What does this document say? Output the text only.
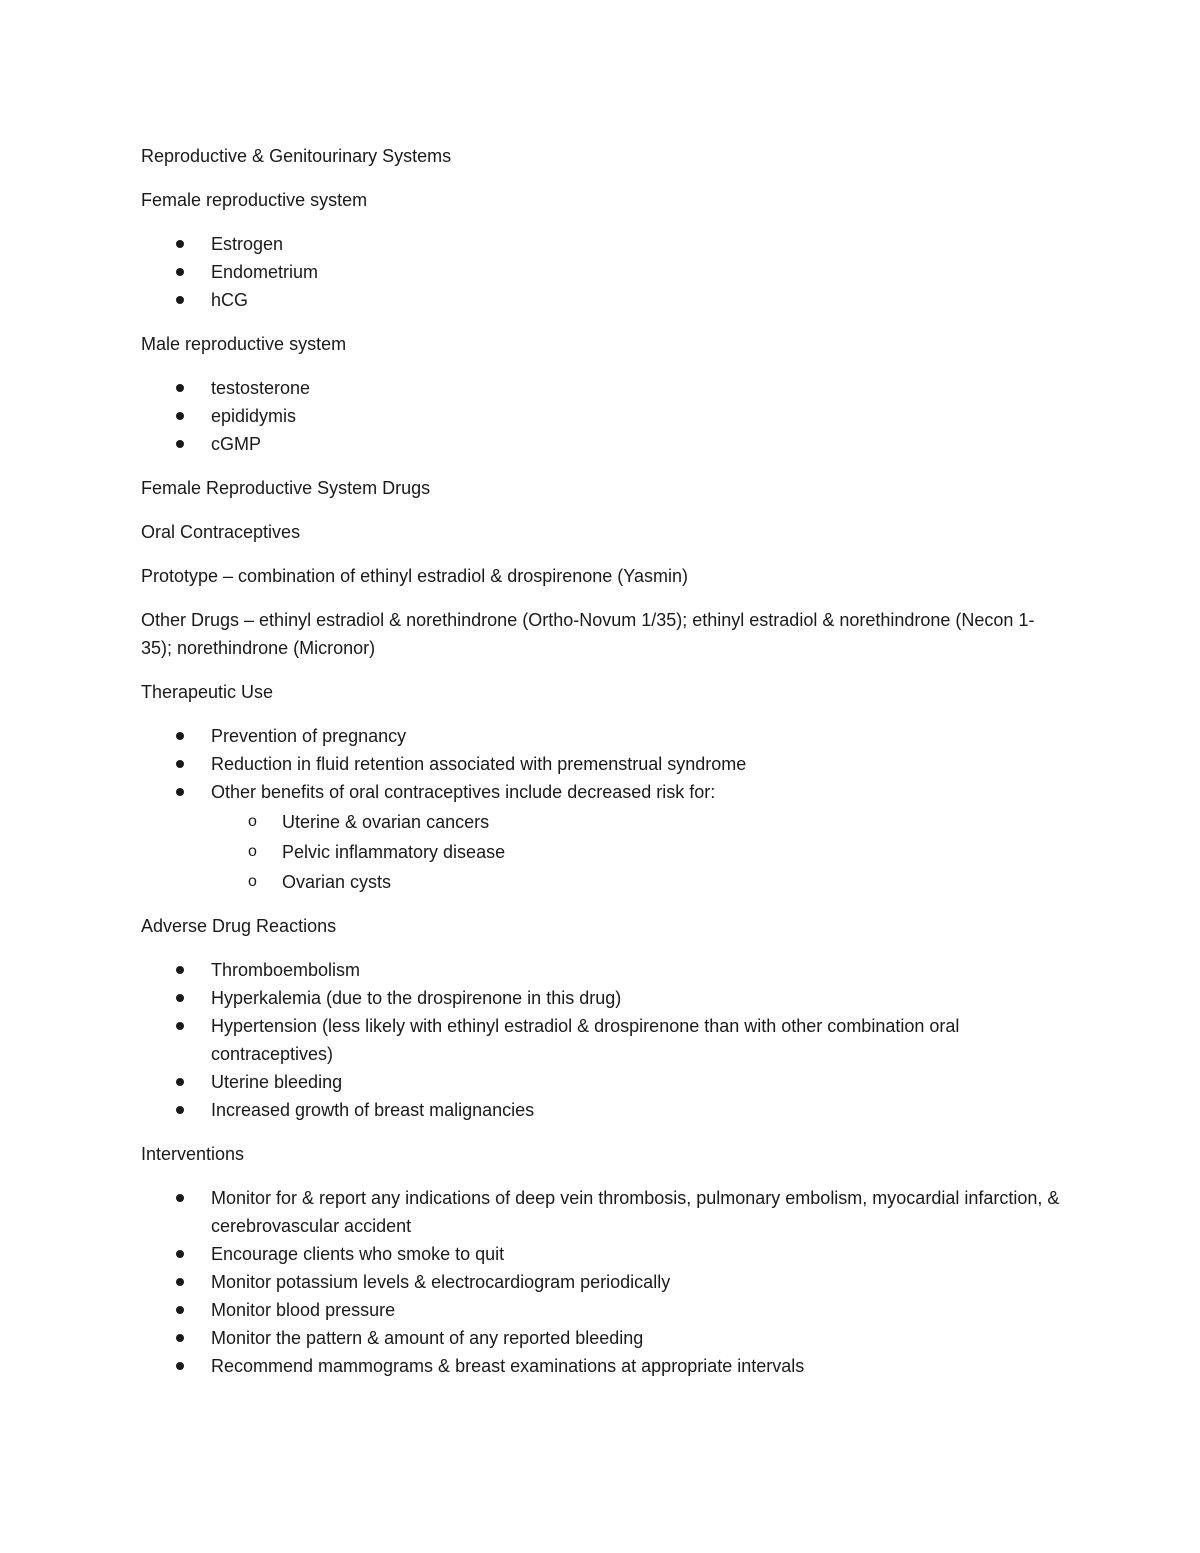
Reproductive & Genitourinary Systems

Female reproductive system

Estrogen
Endometrium
hCG

Male reproductive system

testosterone
epididymis
cGMP

Female Reproductive System Drugs

Oral Contraceptives

Prototype – combination of ethinyl estradiol & drospirenone (Yasmin)

Other Drugs – ethinyl estradiol & norethindrone (Ortho-Novum 1/35); ethinyl estradiol & norethindrone (Necon 1-35); norethindrone (Micronor)

Therapeutic Use

Prevention of pregnancy
Reduction in fluid retention associated with premenstrual syndrome
Other benefits of oral contraceptives include decreased risk for:
o Uterine & ovarian cancers
o Pelvic inflammatory disease
o Ovarian cysts

Adverse Drug Reactions

Thromboembolism
Hyperkalemia (due to the drospirenone in this drug)
Hypertension (less likely with ethinyl estradiol & drospirenone than with other combination oral contraceptives)
Uterine bleeding
Increased growth of breast malignancies

Interventions

Monitor for & report any indications of deep vein thrombosis, pulmonary embolism, myocardial infarction, & cerebrovascular accident
Encourage clients who smoke to quit
Monitor potassium levels & electrocardiogram periodically
Monitor blood pressure
Monitor the pattern & amount of any reported bleeding
Recommend mammograms & breast examinations at appropriate intervals
